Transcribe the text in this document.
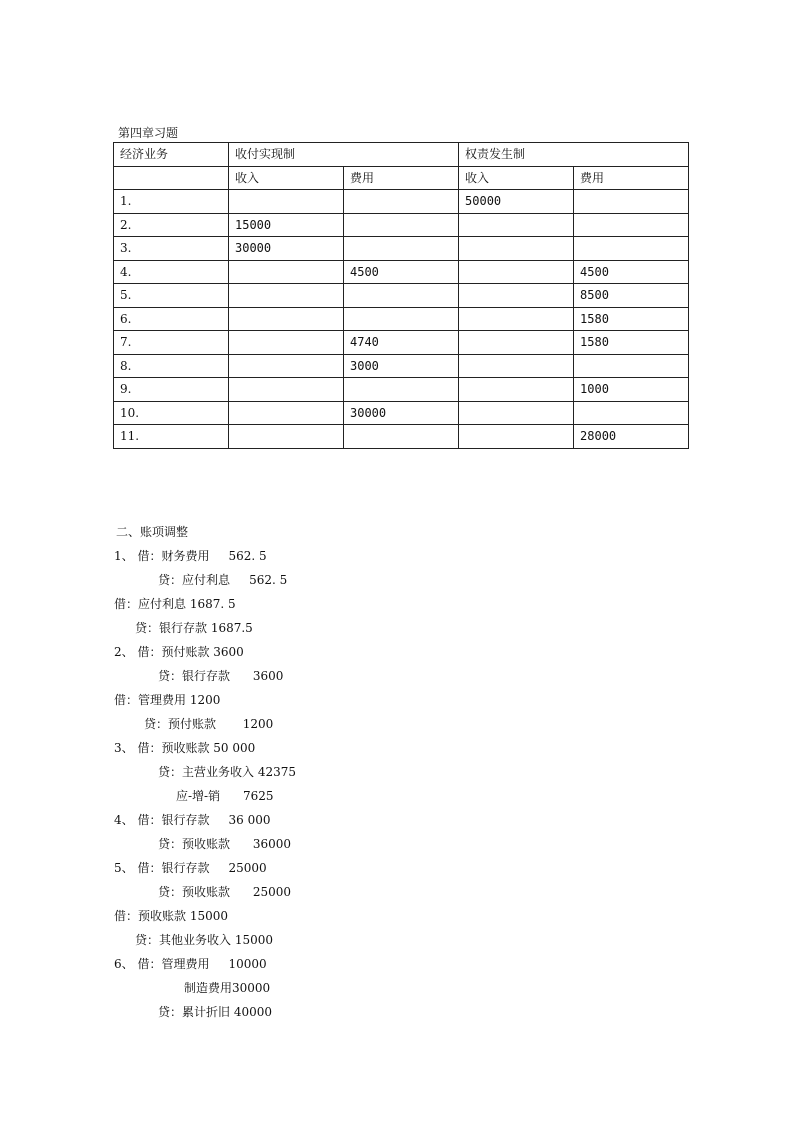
第四章习题
经济业务	收付实现制		权责发生制	
	收入	费用	收入	费用
1.			50000	
2.	15000			
3.	30000			
4.		4500		4500
5.				8500
6.				1580
7.		4740		1580
8.		3000		
9.				1000
10.		30000		
11.				28000
二、账项调整
1、 借：财务费用     562. 5
贷：应付利息     562. 5
借：应付利息 1687. 5
贷：银行存款 1687.5
2、 借：预付账款 3600
贷：银行存款      3600
借：管理费用 1200
贷：预付账款       1200
3、 借：预收账款 50 000
贷：主营业务收入 42375
应-增-销      7625
4、 借：银行存款     36 000
贷：预收账款      36000
5、 借：银行存款     25000
贷：预收账款      25000
借：预收账款 15000
贷：其他业务收入 15000
6、 借：管理费用     10000
制造费用30000
贷：累计折旧 40000
